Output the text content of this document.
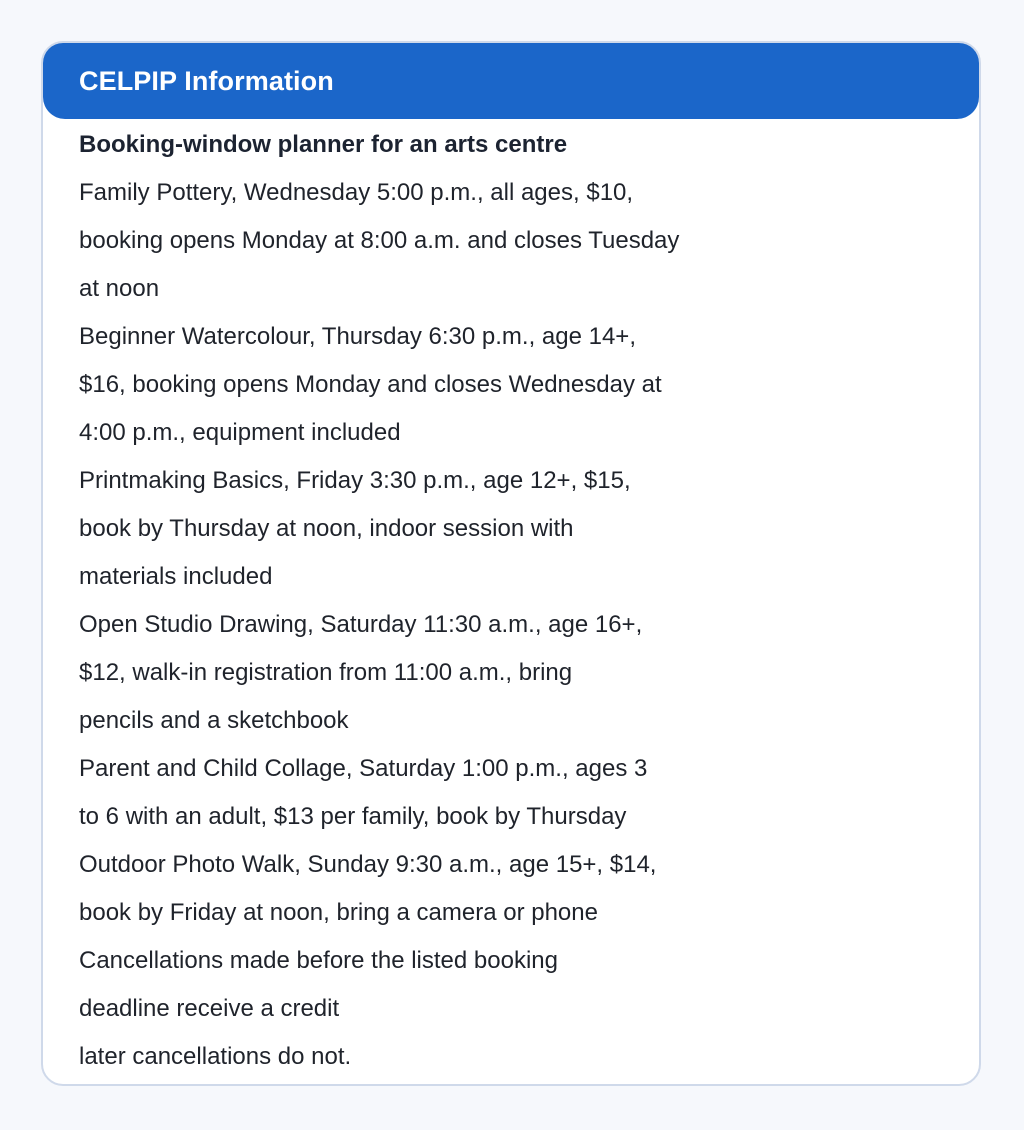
CELPIP Information
Booking-window planner for an arts centre
Family Pottery, Wednesday 5:00 p.m., all ages, $10,
booking opens Monday at 8:00 a.m. and closes Tuesday
at noon
Beginner Watercolour, Thursday 6:30 p.m., age 14+,
$16, booking opens Monday and closes Wednesday at
4:00 p.m., equipment included
Printmaking Basics, Friday 3:30 p.m., age 12+, $15,
book by Thursday at noon, indoor session with
materials included
Open Studio Drawing, Saturday 11:30 a.m., age 16+,
$12, walk-in registration from 11:00 a.m., bring
pencils and a sketchbook
Parent and Child Collage, Saturday 1:00 p.m., ages 3
to 6 with an adult, $13 per family, book by Thursday
Outdoor Photo Walk, Sunday 9:30 a.m., age 15+, $14,
book by Friday at noon, bring a camera or phone
Cancellations made before the listed booking
deadline receive a credit
later cancellations do not.
